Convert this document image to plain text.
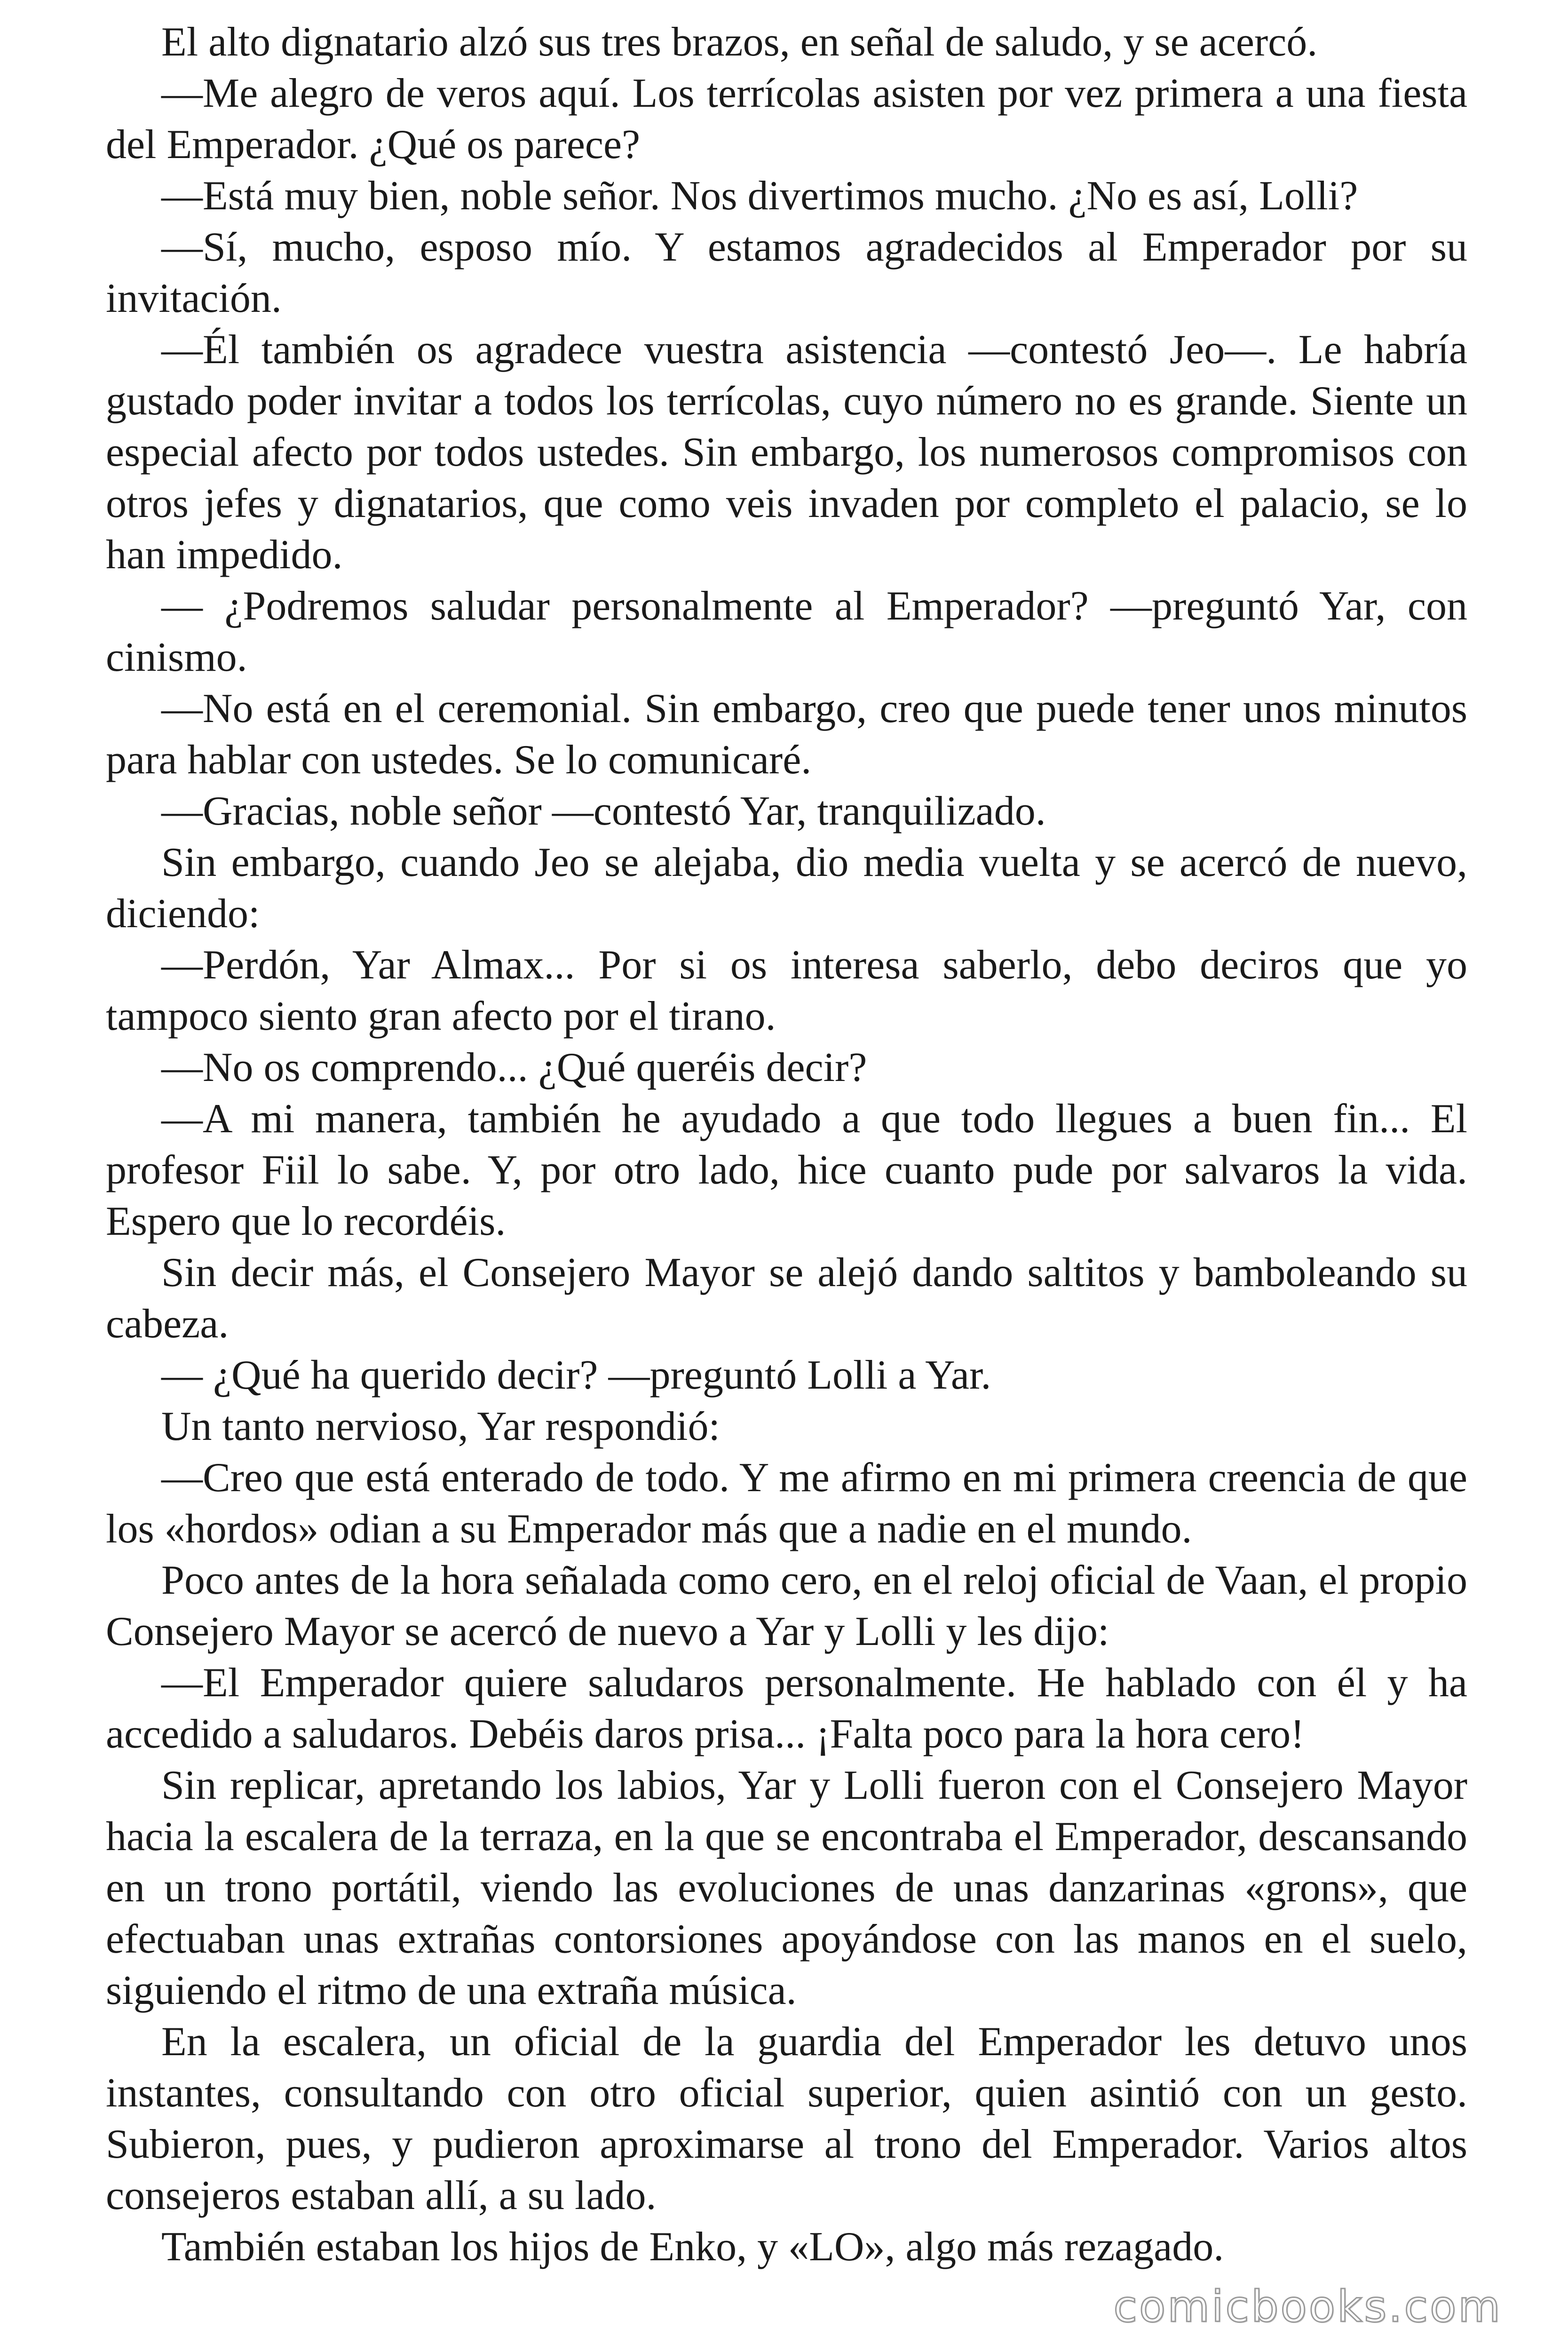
El alto dignatario alzó sus tres brazos, en señal de saludo, y se acercó.

—Me alegro de veros aquí. Los terrícolas asisten por vez primera a una fiesta del Emperador. ¿Qué os parece?

—Está muy bien, noble señor. Nos divertimos mucho. ¿No es así, Lolli?

—Sí, mucho, esposo mío. Y estamos agradecidos al Emperador por su invitación.

—Él también os agradece vuestra asistencia —contestó Jeo—. Le habría gustado poder invitar a todos los terrícolas, cuyo número no es grande. Siente un especial afecto por todos ustedes. Sin embargo, los numerosos compromisos con otros jefes y dignatarios, que como veis invaden por completo el palacio, se lo han impedido.

— ¿Podremos saludar personalmente al Emperador? —preguntó Yar, con cinismo.

—No está en el ceremonial. Sin embargo, creo que puede tener unos minutos para hablar con ustedes. Se lo comunicaré.

—Gracias, noble señor —contestó Yar, tranquilizado.

Sin embargo, cuando Jeo se alejaba, dio media vuelta y se acercó de nuevo, diciendo:

—Perdón, Yar Almax... Por si os interesa saberlo, debo deciros que yo tampoco siento gran afecto por el tirano.

—No os comprendo... ¿Qué queréis decir?

—A mi manera, también he ayudado a que todo llegues a buen fin... El profesor Fiil lo sabe. Y, por otro lado, hice cuanto pude por salvaros la vida. Espero que lo recordéis.

Sin decir más, el Consejero Mayor se alejó dando saltitos y bamboleando su cabeza.

— ¿Qué ha querido decir? —preguntó Lolli a Yar.

Un tanto nervioso, Yar respondió:

—Creo que está enterado de todo. Y me afirmo en mi primera creencia de que los «hordos» odian a su Emperador más que a nadie en el mundo.

Poco antes de la hora señalada como cero, en el reloj oficial de Vaan, el propio Consejero Mayor se acercó de nuevo a Yar y Lolli y les dijo:

—El Emperador quiere saludaros personalmente. He hablado con él y ha accedido a saludaros. Debéis daros prisa... ¡Falta poco para la hora cero!

Sin replicar, apretando los labios, Yar y Lolli fueron con el Consejero Mayor hacia la escalera de la terraza, en la que se encontraba el Emperador, descansando en un trono portátil, viendo las evoluciones de unas danzarinas «grons», que efectuaban unas extrañas contorsiones apoyándose con las manos en el suelo, siguiendo el ritmo de una extraña música.

En la escalera, un oficial de la guardia del Emperador les detuvo unos instantes, consultando con otro oficial superior, quien asintió con un gesto. Subieron, pues, y pudieron aproximarse al trono del Emperador. Varios altos consejeros estaban allí, a su lado.

También estaban los hijos de Enko, y «LO», algo más rezagado.

comicbooks.com
